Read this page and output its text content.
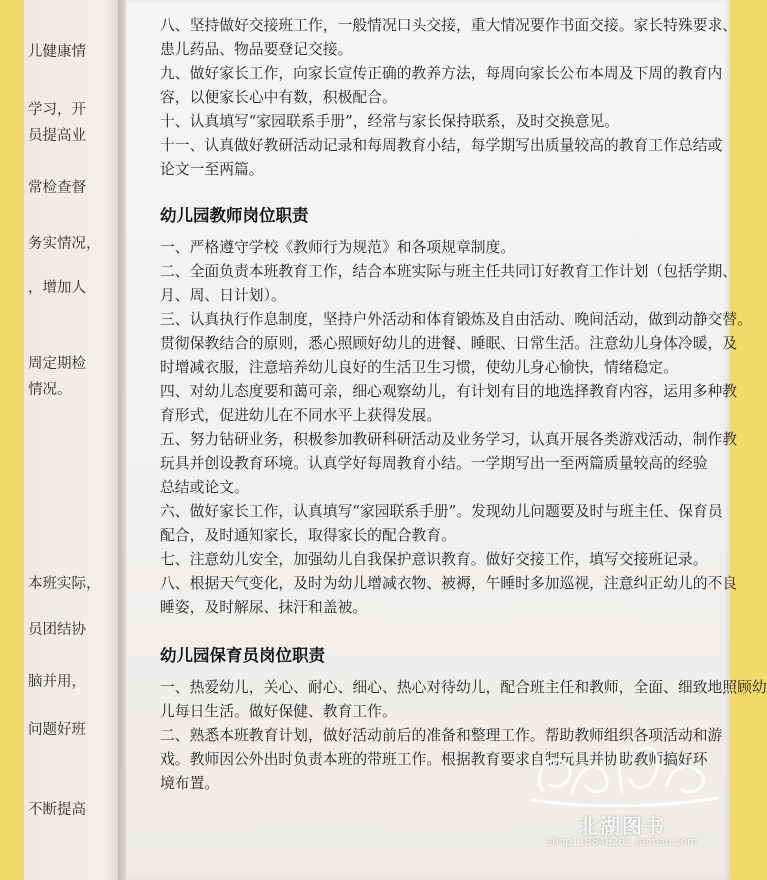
儿健康情
学习，开
员提高业
常检查督
务实情况，
，增加人
周定期检
情况。
本班实际，
员团结协
脑并用，
问题好班
不断提高
八、坚持做好交接班工作，一般情况口头交接，重大情况要作书面交接。家长特殊要求、
患儿药品、物品要登记交接。
九、做好家长工作，向家长宣传正确的教养方法，每周向家长公布本周及下周的教育内
容，以便家长心中有数，积极配合。
十、认真填写“家园联系手册”，经常与家长保持联系，及时交换意见。
十一、认真做好教研活动记录和每周教育小结，每学期写出质量较高的教育工作总结或
论文一至两篇。
幼儿园教师岗位职责
一、严格遵守学校《教师行为规范》和各项规章制度。
二、全面负责本班教育工作，结合本班实际与班主任共同订好教育工作计划（包括学期、
月、周、日计划）。
三、认真执行作息制度，坚持户外活动和体育锻炼及自由活动、晚间活动，做到动静交替。
贯彻保教结合的原则，悉心照顾好幼儿的进餐、睡眠、日常生活。注意幼儿身体冷暖，及
时增减衣服，注意培养幼儿良好的生活卫生习惯，使幼儿身心愉快，情绪稳定。
四、对幼儿态度要和蔼可亲，细心观察幼儿，有计划有目的地选择教育内容，运用多种教
育形式，促进幼儿在不同水平上获得发展。
五、努力钻研业务，积极参加教研科研活动及业务学习，认真开展各类游戏活动，制作教
玩具并创设教育环境。认真学好每周教育小结。一学期写出一至两篇质量较高的经验
总结或论文。
六、做好家长工作，认真填写“家园联系手册”。发现幼儿问题要及时与班主任、保育员
配合，及时通知家长，取得家长的配合教育。
七、注意幼儿安全，加强幼儿自我保护意识教育。做好交接工作，填写交接班记录。
八、根据天气变化，及时为幼儿增减衣物、被褥，午睡时多加巡视，注意纠正幼儿的不良
睡姿，及时解尿、抹汗和盖被。
幼儿园保育员岗位职责
一、热爱幼儿，关心、耐心、细心、热心对待幼儿，配合班主任和教师，全面、细致地照顾幼
儿每日生活。做好保健、教育工作。
二、熟悉本班教育计划，做好活动前后的准备和整理工作。帮助教师组织各项活动和游
戏。教师因公外出时负责本班的带班工作。根据教育要求自制玩具并协助教师搞好环
境布置。
北湖图书
shop118846281.taobao.com
